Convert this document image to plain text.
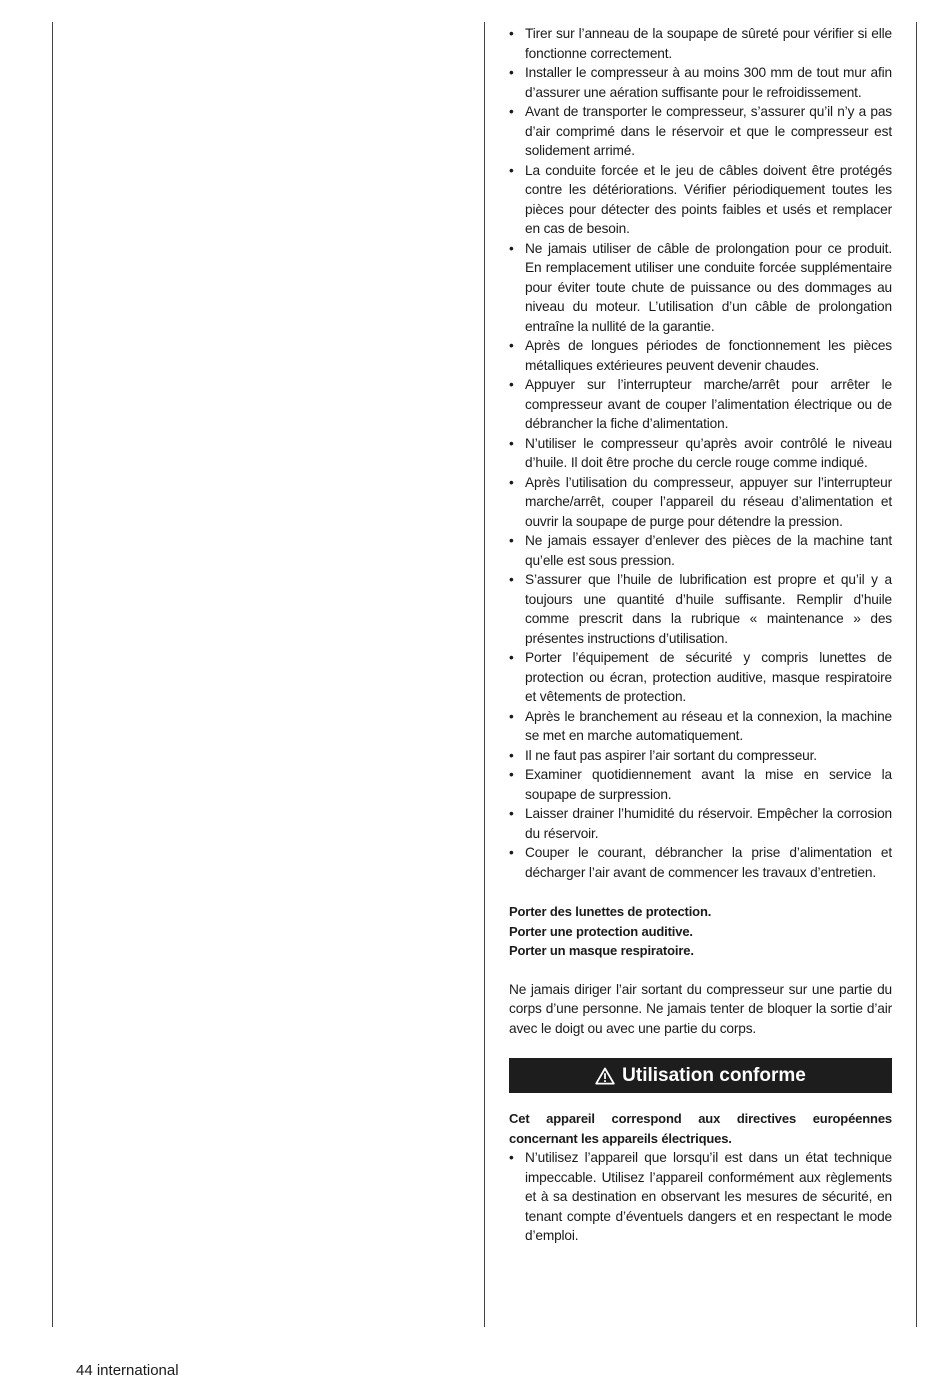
• Tirer sur l’anneau de la soupape de sûreté pour vérifier si elle fonctionne correctement.
• Installer le compresseur à au moins 300 mm de tout mur afin d’assurer une aération suffisante pour le refroidissement.
• Avant de transporter le compresseur, s’assurer qu’il n’y a pas d’air comprimé dans le réservoir et que le compresseur est solidement arrimé.
• La conduite forcée et le jeu de câbles doivent être protégés contre les détériorations. Vérifier périodiquement toutes les pièces pour détecter des points faibles et usés et remplacer en cas de besoin.
• Ne jamais utiliser de câble de prolongation pour ce produit. En remplacement utiliser une conduite forcée supplémentaire pour éviter toute chute de puissance ou des dommages au niveau du moteur. L’utilisation d’un câble de prolongation entraîne la nullité de la garantie.
• Après de longues périodes de fonctionnement les pièces métalliques extérieures peuvent devenir chaudes.
• Appuyer sur l’interrupteur marche/arrêt pour arrêter le compresseur avant de couper l’alimentation électrique ou de débrancher la fiche d’alimentation.
• N’utiliser le compresseur qu’après avoir contrôlé le niveau d’huile. Il doit être proche du cercle rouge comme indiqué.
• Après l’utilisation du compresseur, appuyer sur l’interrupteur marche/arrêt, couper l’appareil du réseau d’alimentation et ouvrir la soupape de purge pour détendre la pression.
• Ne jamais essayer d’enlever des pièces de la machine tant qu’elle est sous pression.
• S’assurer que l’huile de lubrification est propre et qu’il y a toujours une quantité d’huile suffisante. Remplir d’huile comme prescrit dans la rubrique « maintenance » des présentes instructions d’utilisation.
• Porter l’équipement de sécurité y compris lunettes de protection ou écran, protection auditive, masque respiratoire et vêtements de protection.
• Après le branchement au réseau et la connexion, la machine se met en marche automatiquement.
• Il ne faut pas aspirer l’air sortant du compresseur.
• Examiner quotidiennement avant la mise en service la soupape de surpression.
• Laisser drainer l’humidité du réservoir. Empêcher la corrosion du réservoir.
• Couper le courant, débrancher la prise d’alimentation et décharger l’air avant de commencer les travaux d’entretien.
Porter des lunettes de protection.
Porter une protection auditive.
Porter un masque respiratoire.
Ne jamais diriger l’air sortant du compresseur sur une partie du corps d’une personne. Ne jamais tenter de bloquer la sortie d’air avec le doigt ou avec une partie du corps.
Utilisation conforme
Cet appareil correspond aux directives européennes concernant les appareils électriques.
• N’utilisez l’appareil que lorsqu’il est dans un état technique impeccable. Utilisez l’appareil conformément aux règlements et à sa destination en observant les mesures de sécurité, en tenant compte d’éventuels dangers et en respectant le mode d’emploi.
44 international
